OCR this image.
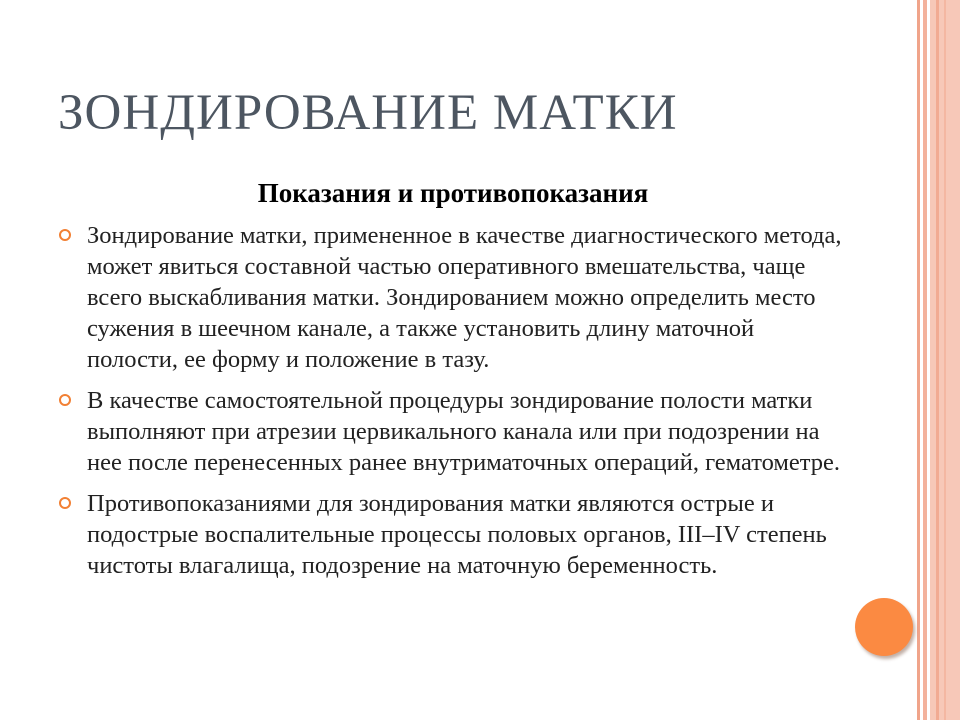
ЗОНДИРОВАНИЕ МАТКИ
Показания и противопоказания
Зондирование матки, примененное в качестве диагностического метода, может явиться составной частью оперативного вмешательства, чаще всего выскабливания матки. Зондированием можно определить место сужения в шеечном канале, а также установить длину маточной полости, ее форму и положение в тазу.
В качестве самостоятельной процедуры зондирование полости матки выполняют при атрезии цервикального канала или при подозрении на нее после перенесенных ранее внутриматочных операций, гематометре.
Противопоказаниями для зондирования матки являются острые и подострые воспалительные процессы половых органов, III–IV степень чистоты влагалища, подозрение на маточную беременность.
